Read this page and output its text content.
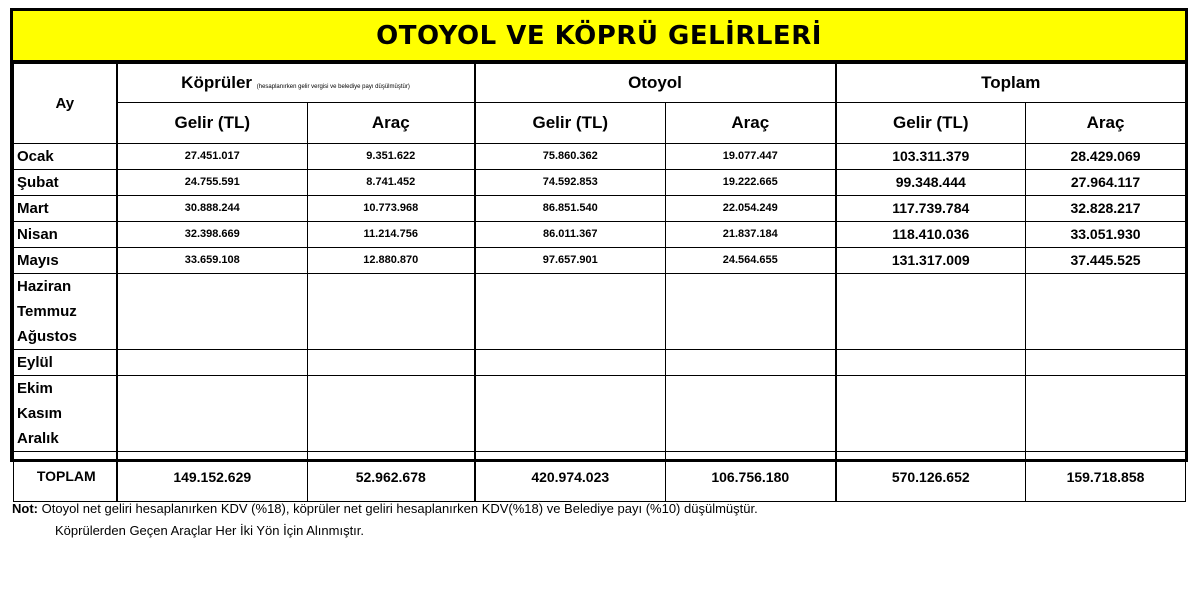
OTOYOL VE KÖPRÜ GELİRLERİ
Ay	Köprüler (hesaplanırken gelir vergisi ve belediye payı düşülmüştür)		Otoyol		Toplam	
	Gelir (TL)	Araç	Gelir (TL)	Araç	Gelir (TL)	Araç

Ocak	27.451.017	9.351.622	75.860.362	19.077.447	103.311.379	28.429.069

Şubat	24.755.591	8.741.452	74.592.853	19.222.665	99.348.444	27.964.117

Mart	30.888.244	10.773.968	86.851.540	22.054.249	117.739.784	32.828.217

Nisan	32.398.669	11.214.756	86.011.367	21.837.184	118.410.036	33.051.930

Mayıs	33.659.108	12.880.870	97.657.901	24.564.655	131.317.009	37.445.525

Haziran
Temmuz
Ağustos						

Eylül						

Ekim
Kasım
Aralık						

TOPLAM	149.152.629	52.962.678	420.974.023	106.756.180	570.126.652	159.718.858
Not: Otoyol net geliri hesaplanırken KDV (%18), köprüler net geliri hesaplanırken KDV(%18) ve Belediye payı (%10) düşülmüştür.
Köprülerden Geçen Araçlar Her İki Yön İçin Alınmıştır.
